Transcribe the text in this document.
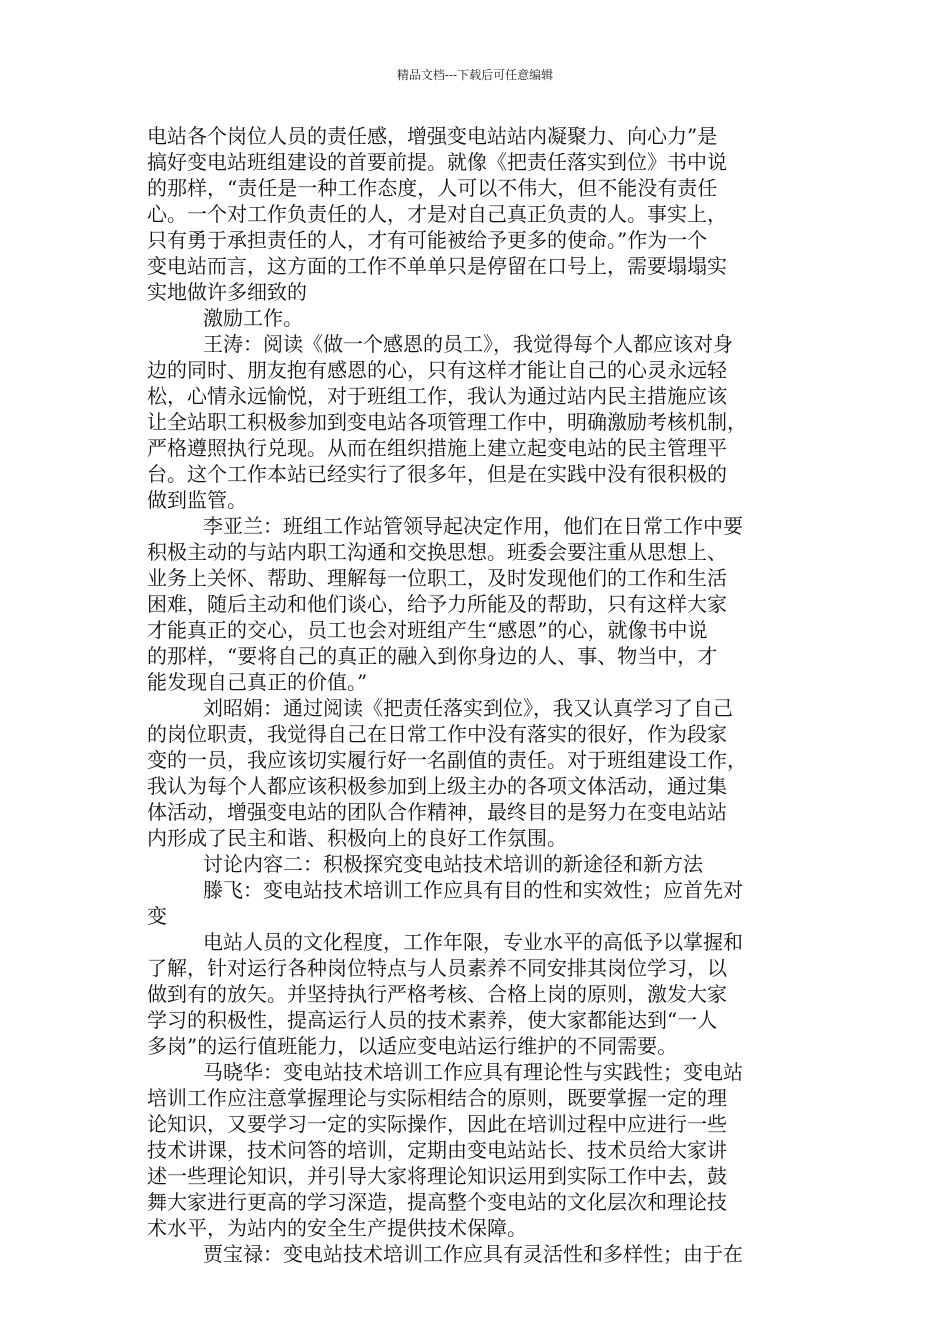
精品文档---下载后可任意编辑
电站各个岗位人员的责任感，增强变电站站内凝聚力、向心力”是
搞好变电站班组建设的首要前提。就像《把责任落实到位》书中说
的那样，“责任是一种工作态度，人可以不伟大，但不能没有责任
心。一个对工作负责任的人，才是对自己真正负责的人。事实上，
只有勇于承担责任的人，才有可能被给予更多的使命。”作为一个
变电站而言，这方面的工作不单单只是停留在口号上，需要塌塌实
实地做许多细致的
激励工作。
王涛：阅读《做一个感恩的员工》，我觉得每个人都应该对身
边的同时、朋友抱有感恩的心，只有这样才能让自己的心灵永远轻
松，心情永远愉悦，对于班组工作，我认为通过站内民主措施应该
让全站职工积极参加到变电站各项管理工作中，明确激励考核机制，
严格遵照执行兑现。从而在组织措施上建立起变电站的民主管理平
台。这个工作本站已经实行了很多年，但是在实践中没有很积极的
做到监管。
李亚兰：班组工作站管领导起决定作用，他们在日常工作中要
积极主动的与站内职工沟通和交换思想。班委会要注重从思想上、
业务上关怀、帮助、理解每一位职工，及时发现他们的工作和生活
困难，随后主动和他们谈心，给予力所能及的帮助，只有这样大家
才能真正的交心，员工也会对班组产生“感恩”的心，就像书中说
的那样，“要将自己的真正的融入到你身边的人、事、物当中，才
能发现自己真正的价值。”
刘昭娟：通过阅读《把责任落实到位》，我又认真学习了自己
的岗位职责，我觉得自己在日常工作中没有落实的很好，作为段家
变的一员，我应该切实履行好一名副值的责任。对于班组建设工作，
我认为每个人都应该积极参加到上级主办的各项文体活动，通过集
体活动，增强变电站的团队合作精神，最终目的是努力在变电站站
内形成了民主和谐、积极向上的良好工作氛围。
讨论内容二：积极探究变电站技术培训的新途径和新方法
滕飞：变电站技术培训工作应具有目的性和实效性；应首先对
变
电站人员的文化程度，工作年限，专业水平的高低予以掌握和
了解，针对运行各种岗位特点与人员素养不同安排其岗位学习，以
做到有的放矢。并坚持执行严格考核、合格上岗的原则，激发大家
学习的积极性，提高运行人员的技术素养，使大家都能达到“一人
多岗”的运行值班能力，以适应变电站运行维护的不同需要。
马晓华：变电站技术培训工作应具有理论性与实践性；变电站
培训工作应注意掌握理论与实际相结合的原则，既要掌握一定的理
论知识，又要学习一定的实际操作，因此在培训过程中应进行一些
技术讲课，技术问答的培训，定期由变电站站长、技术员给大家讲
述一些理论知识，并引导大家将理论知识运用到实际工作中去，鼓
舞大家进行更高的学习深造，提高整个变电站的文化层次和理论技
术水平，为站内的安全生产提供技术保障。
贾宝禄：变电站技术培训工作应具有灵活性和多样性；由于在
